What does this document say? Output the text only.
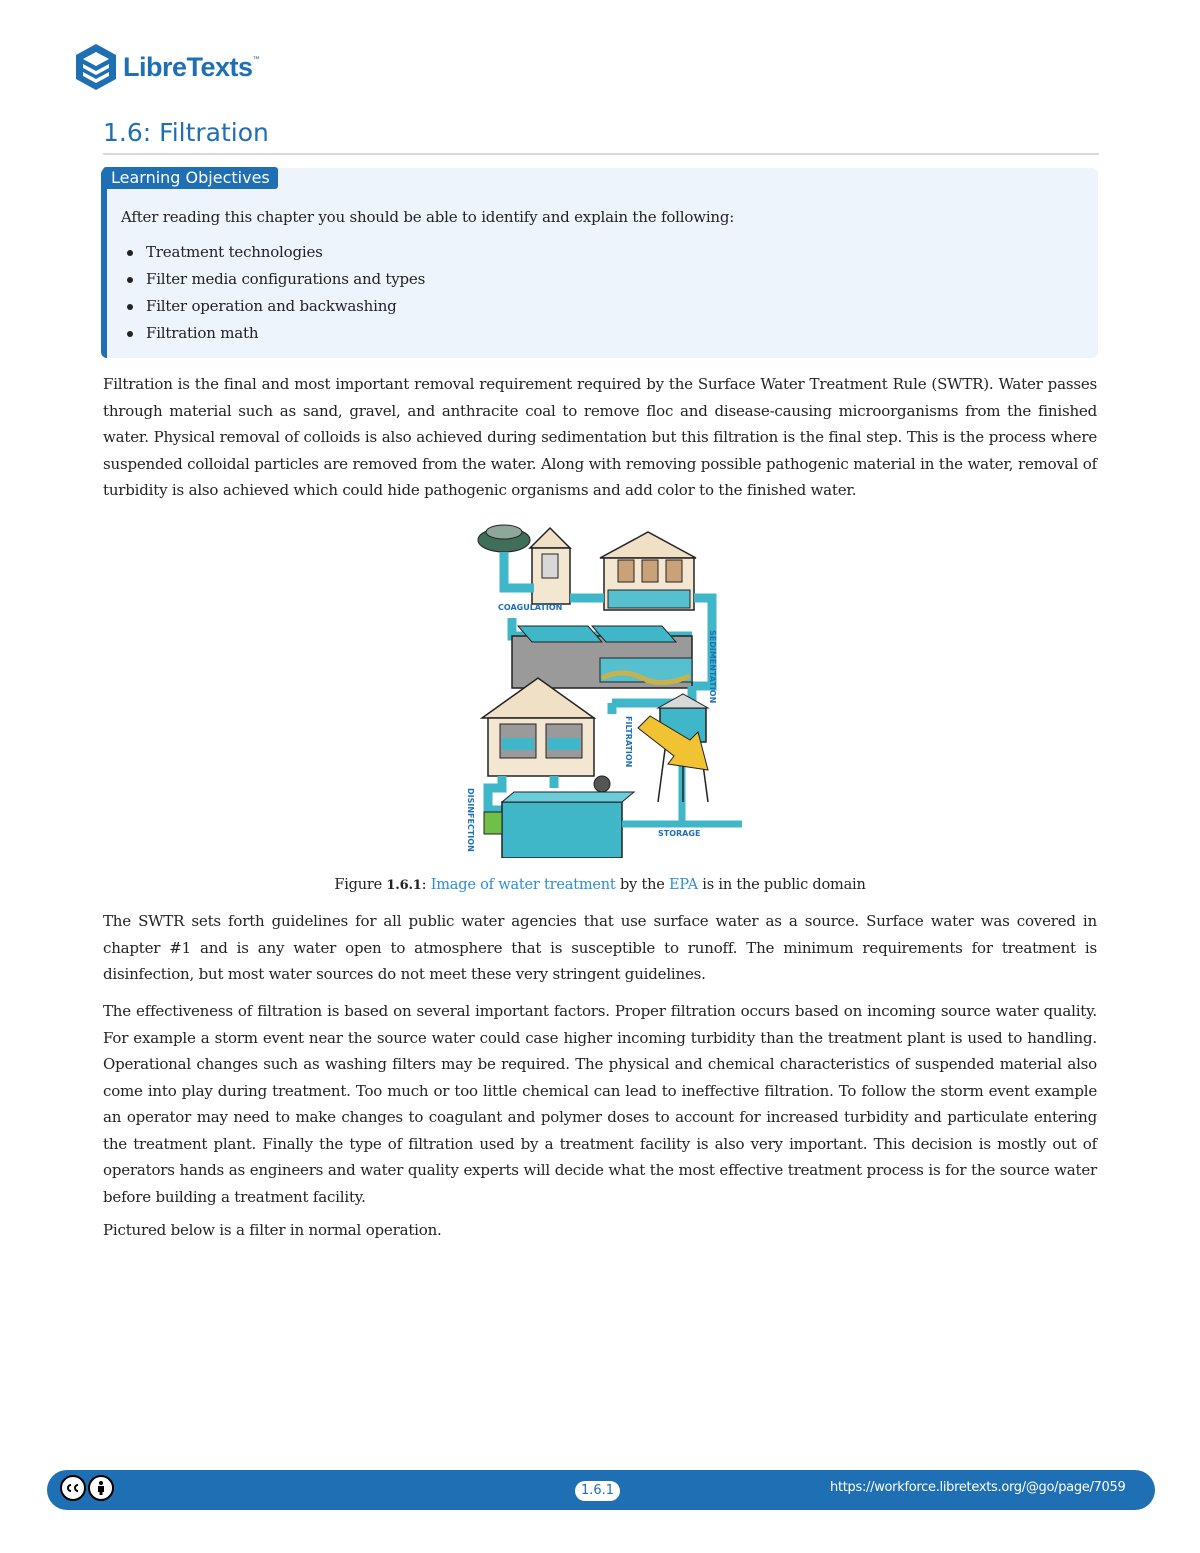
LibreTexts ™
1.6: Filtration
Learning Objectives

After reading this chapter you should be able to identify and explain the following:

Treatment technologies
Filter media configurations and types
Filter operation and backwashing
Filtration math

Filtration is the final and most important removal requirement required by the Surface Water Treatment Rule (SWTR). Water passes through material such as sand, gravel, and anthracite coal to remove floc and disease-causing microorganisms from the finished water. Physical removal of colloids is also achieved during sedimentation but this filtration is the final step. This is the process where suspended colloidal particles are removed from the water. Along with removing possible pathogenic material in the water, removal of turbidity is also achieved which could hide pathogenic organisms and add color to the finished water.

COAGULATION
SEDIMENTATION
FILTRATION
DISINFECTION	STORAGE
Figure 1.6.1: Image of water treatment by the EPA is in the public domain

The SWTR sets forth guidelines for all public water agencies that use surface water as a source. Surface water was covered in chapter #1 and is any water open to atmosphere that is susceptible to runoff. The minimum requirements for treatment is disinfection, but most water sources do not meet these very stringent guidelines.

The effectiveness of filtration is based on several important factors. Proper filtration occurs based on incoming source water quality. For example a storm event near the source water could case higher incoming turbidity than the treatment plant is used to handling. Operational changes such as washing filters may be required. The physical and chemical characteristics of suspended material also come into play during treatment. Too much or too little chemical can lead to ineffective filtration. To follow the storm event example an operator may need to make changes to coagulant and polymer doses to account for increased turbidity and particulate entering the treatment plant. Finally the type of filtration used by a treatment facility is also very important. This decision is mostly out of operators hands as engineers and water quality experts will decide what the most effective treatment process is for the source water before building a treatment facility.

Pictured below is a filter in normal operation.

1.6.1	https://workforce.libretexts.org/@go/page/7059
